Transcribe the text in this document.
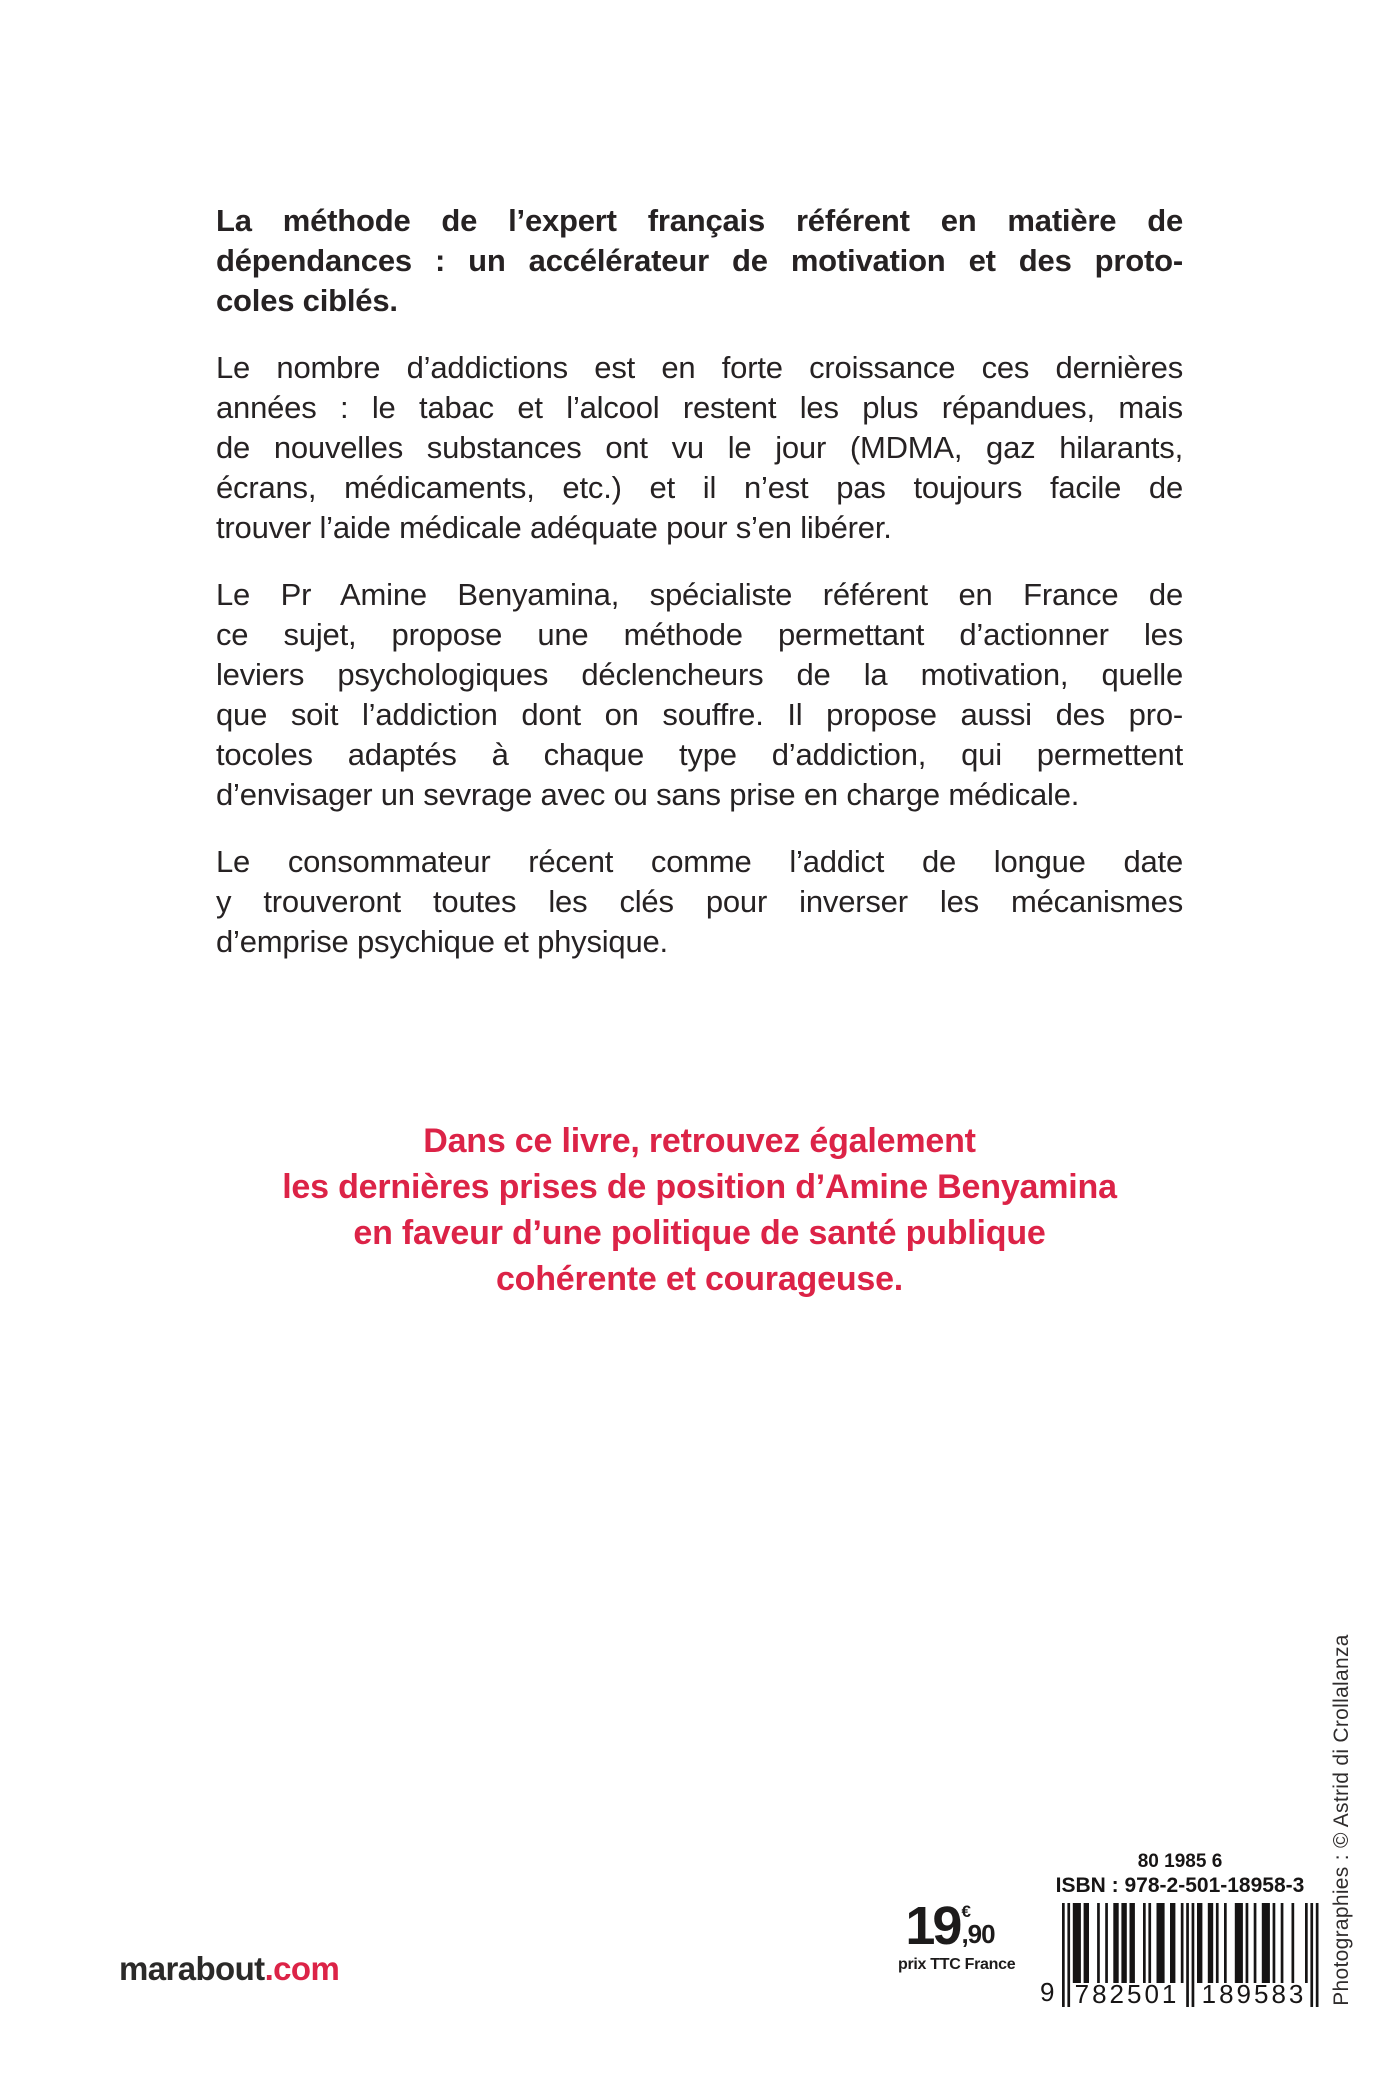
La méthode de l’expert français référent en matière de
dépendances : un accélérateur de motivation et des proto-
coles ciblés.
Le nombre d’addictions est en forte croissance ces dernières
années : le tabac et l’alcool restent les plus répandues, mais
de nouvelles substances ont vu le jour (MDMA, gaz hilarants,
écrans, médicaments, etc.) et il n’est pas toujours facile de
trouver l’aide médicale adéquate pour s’en libérer.
Le Pr Amine Benyamina, spécialiste référent en France de
ce sujet, propose une méthode permettant d’actionner les
leviers psychologiques déclencheurs de la motivation, quelle
que soit l’addiction dont on souffre. Il propose aussi des pro-
tocoles adaptés à chaque type d’addiction, qui permettent
d’envisager un sevrage avec ou sans prise en charge médicale.
Le consommateur récent comme l’addict de longue date
y trouveront toutes les clés pour inverser les mécanismes
d’emprise psychique et physique.
Dans ce livre, retrouvez également
les dernières prises de position d’Amine Benyamina
en faveur d’une politique de santé publique
cohérente et courageuse.
marabout.com
19 €
,90
prix TTC France
80 1985 6
ISBN : 978-2-501-18958-3
9 782501 189583 Photographies : © Astrid di Crollalanza
